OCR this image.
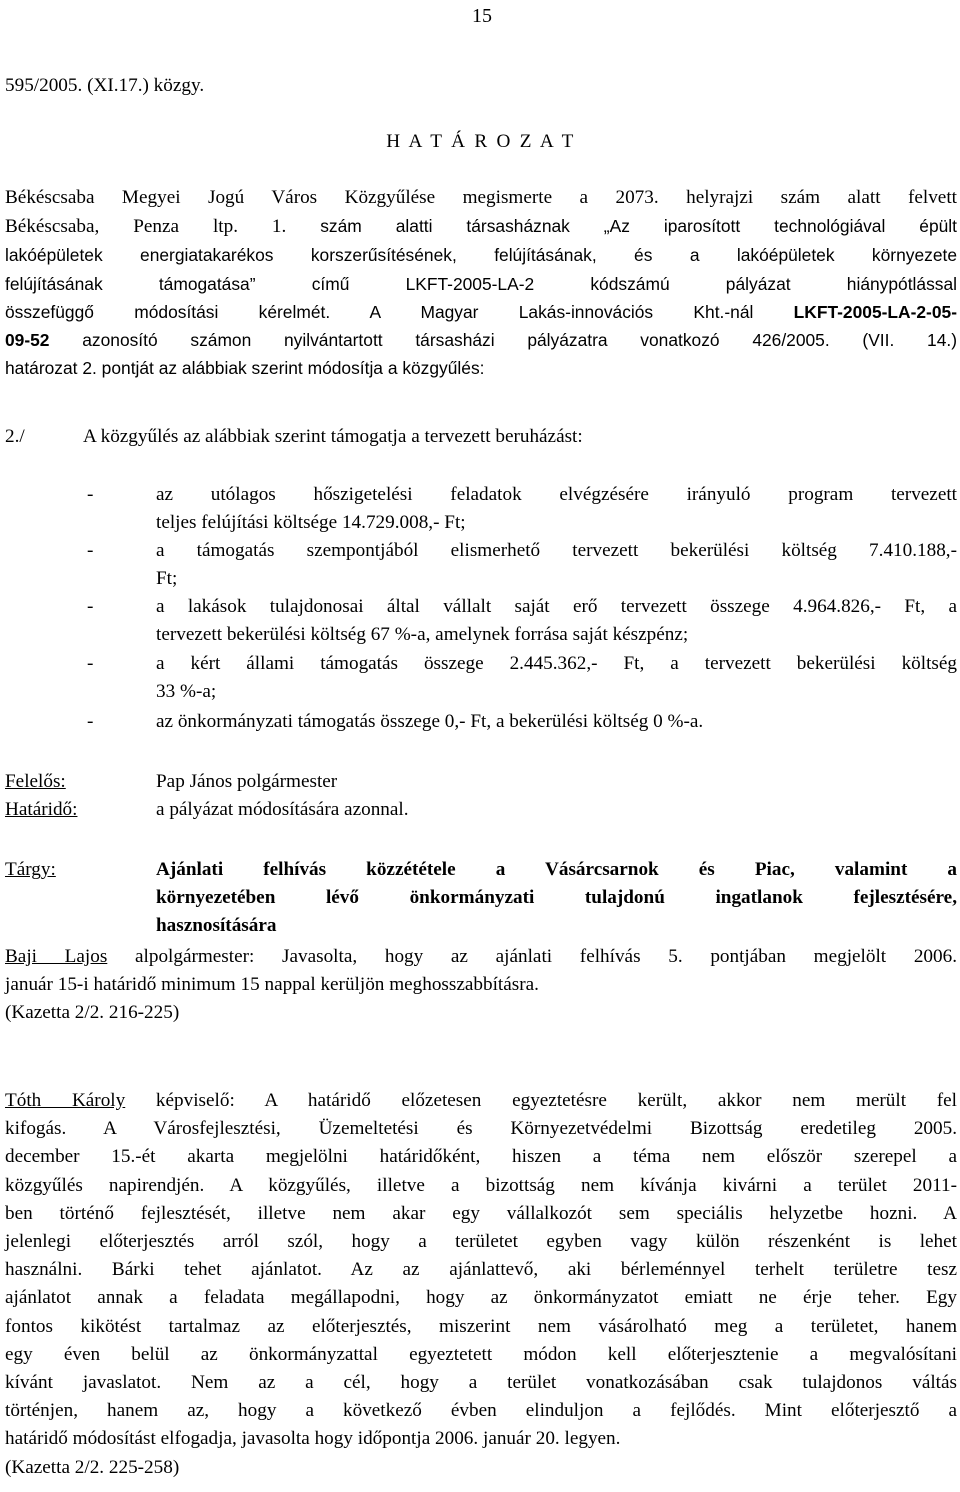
15
595/2005. (XI.17.) közgy.
H A T Á R O Z A T
Békéscsaba Megyei Jogú Város Közgyűlése megismerte a 2073. helyrajzi szám alatt felvett
Békéscsaba, Penza ltp. 1. szám alatti társasháznak „Az iparosított technológiával épült
lakóépületek energiatakarékos korszerűsítésének, felújításának, és a lakóépületek környezete
felújításának támogatása” című LKFT-2005-LA-2 kódszámú pályázat hiánypótlással
összefüggő módosítási kérelmét. A Magyar Lakás-innovációs Kht.-nál LKFT-2005-LA-2-05-
09-52 azonosító számon nyilvántartott társasházi pályázatra vonatkozó 426/2005. (VII. 14.)
határozat 2. pontját az alábbiak szerint módosítja a közgyűlés:
2./	A közgyűlés az alábbiak szerint támogatja a tervezett beruházást:
-	az utólagos hőszigetelési feladatok elvégzésére irányuló program tervezett
teljes felújítási költsége 14.729.008,- Ft;
-	a támogatás szempontjából elismerhető tervezett bekerülési költség 7.410.188,-
Ft;
-	a lakások tulajdonosai által vállalt saját erő tervezett összege 4.964.826,- Ft, a
tervezett bekerülési költség 67 %-a, amelynek forrása saját készpénz;
-	a kért állami támogatás összege 2.445.362,- Ft, a tervezett bekerülési költség
33 %-a;
-	az önkormányzati támogatás összege 0,- Ft, a bekerülési költség 0 %-a.
Felelős:	Pap János polgármester
Határidő:	a pályázat módosítására azonnal.
Tárgy:	Ajánlati felhívás közzététele a Vásárcsarnok és Piac, valamint a
környezetében lévő önkormányzati tulajdonú ingatlanok fejlesztésére,
hasznosítására
Baji Lajos alpolgármester: Javasolta, hogy az ajánlati felhívás 5. pontjában megjelölt 2006.
január 15-i határidő minimum 15 nappal kerüljön meghosszabbításra.
(Kazetta 2/2. 216-225)
Tóth Károly képviselő: A határidő előzetesen egyeztetésre került, akkor nem merült fel
kifogás. A Városfejlesztési, Üzemeltetési és Környezetvédelmi Bizottság eredetileg 2005.
december 15.-ét akarta megjelölni határidőként, hiszen a téma nem először szerepel a
közgyűlés napirendjén. A közgyűlés, illetve a bizottság nem kívánja kivárni a terület 2011-
ben történő fejlesztését, illetve nem akar egy vállalkozót sem speciális helyzetbe hozni. A
jelenlegi előterjesztés arról szól, hogy a területet egyben vagy külön részenként is lehet
használni. Bárki tehet ajánlatot. Az az ajánlattevő, aki bérleménnyel terhelt területre tesz
ajánlatot annak a feladata megállapodni, hogy az önkormányzatot emiatt ne érje teher. Egy
fontos kikötést tartalmaz az előterjesztés, miszerint nem vásárolható meg a területet, hanem
egy éven belül az önkormányzattal egyeztetett módon kell előterjesztenie a megvalósítani
kívánt javaslatot. Nem az a cél, hogy a terület vonatkozásában csak tulajdonos váltás
történjen, hanem az, hogy a következő évben elinduljon a fejlődés. Mint előterjesztő a
határidő módosítást elfogadja, javasolta hogy időpontja 2006. január 20. legyen.
(Kazetta 2/2. 225-258)
